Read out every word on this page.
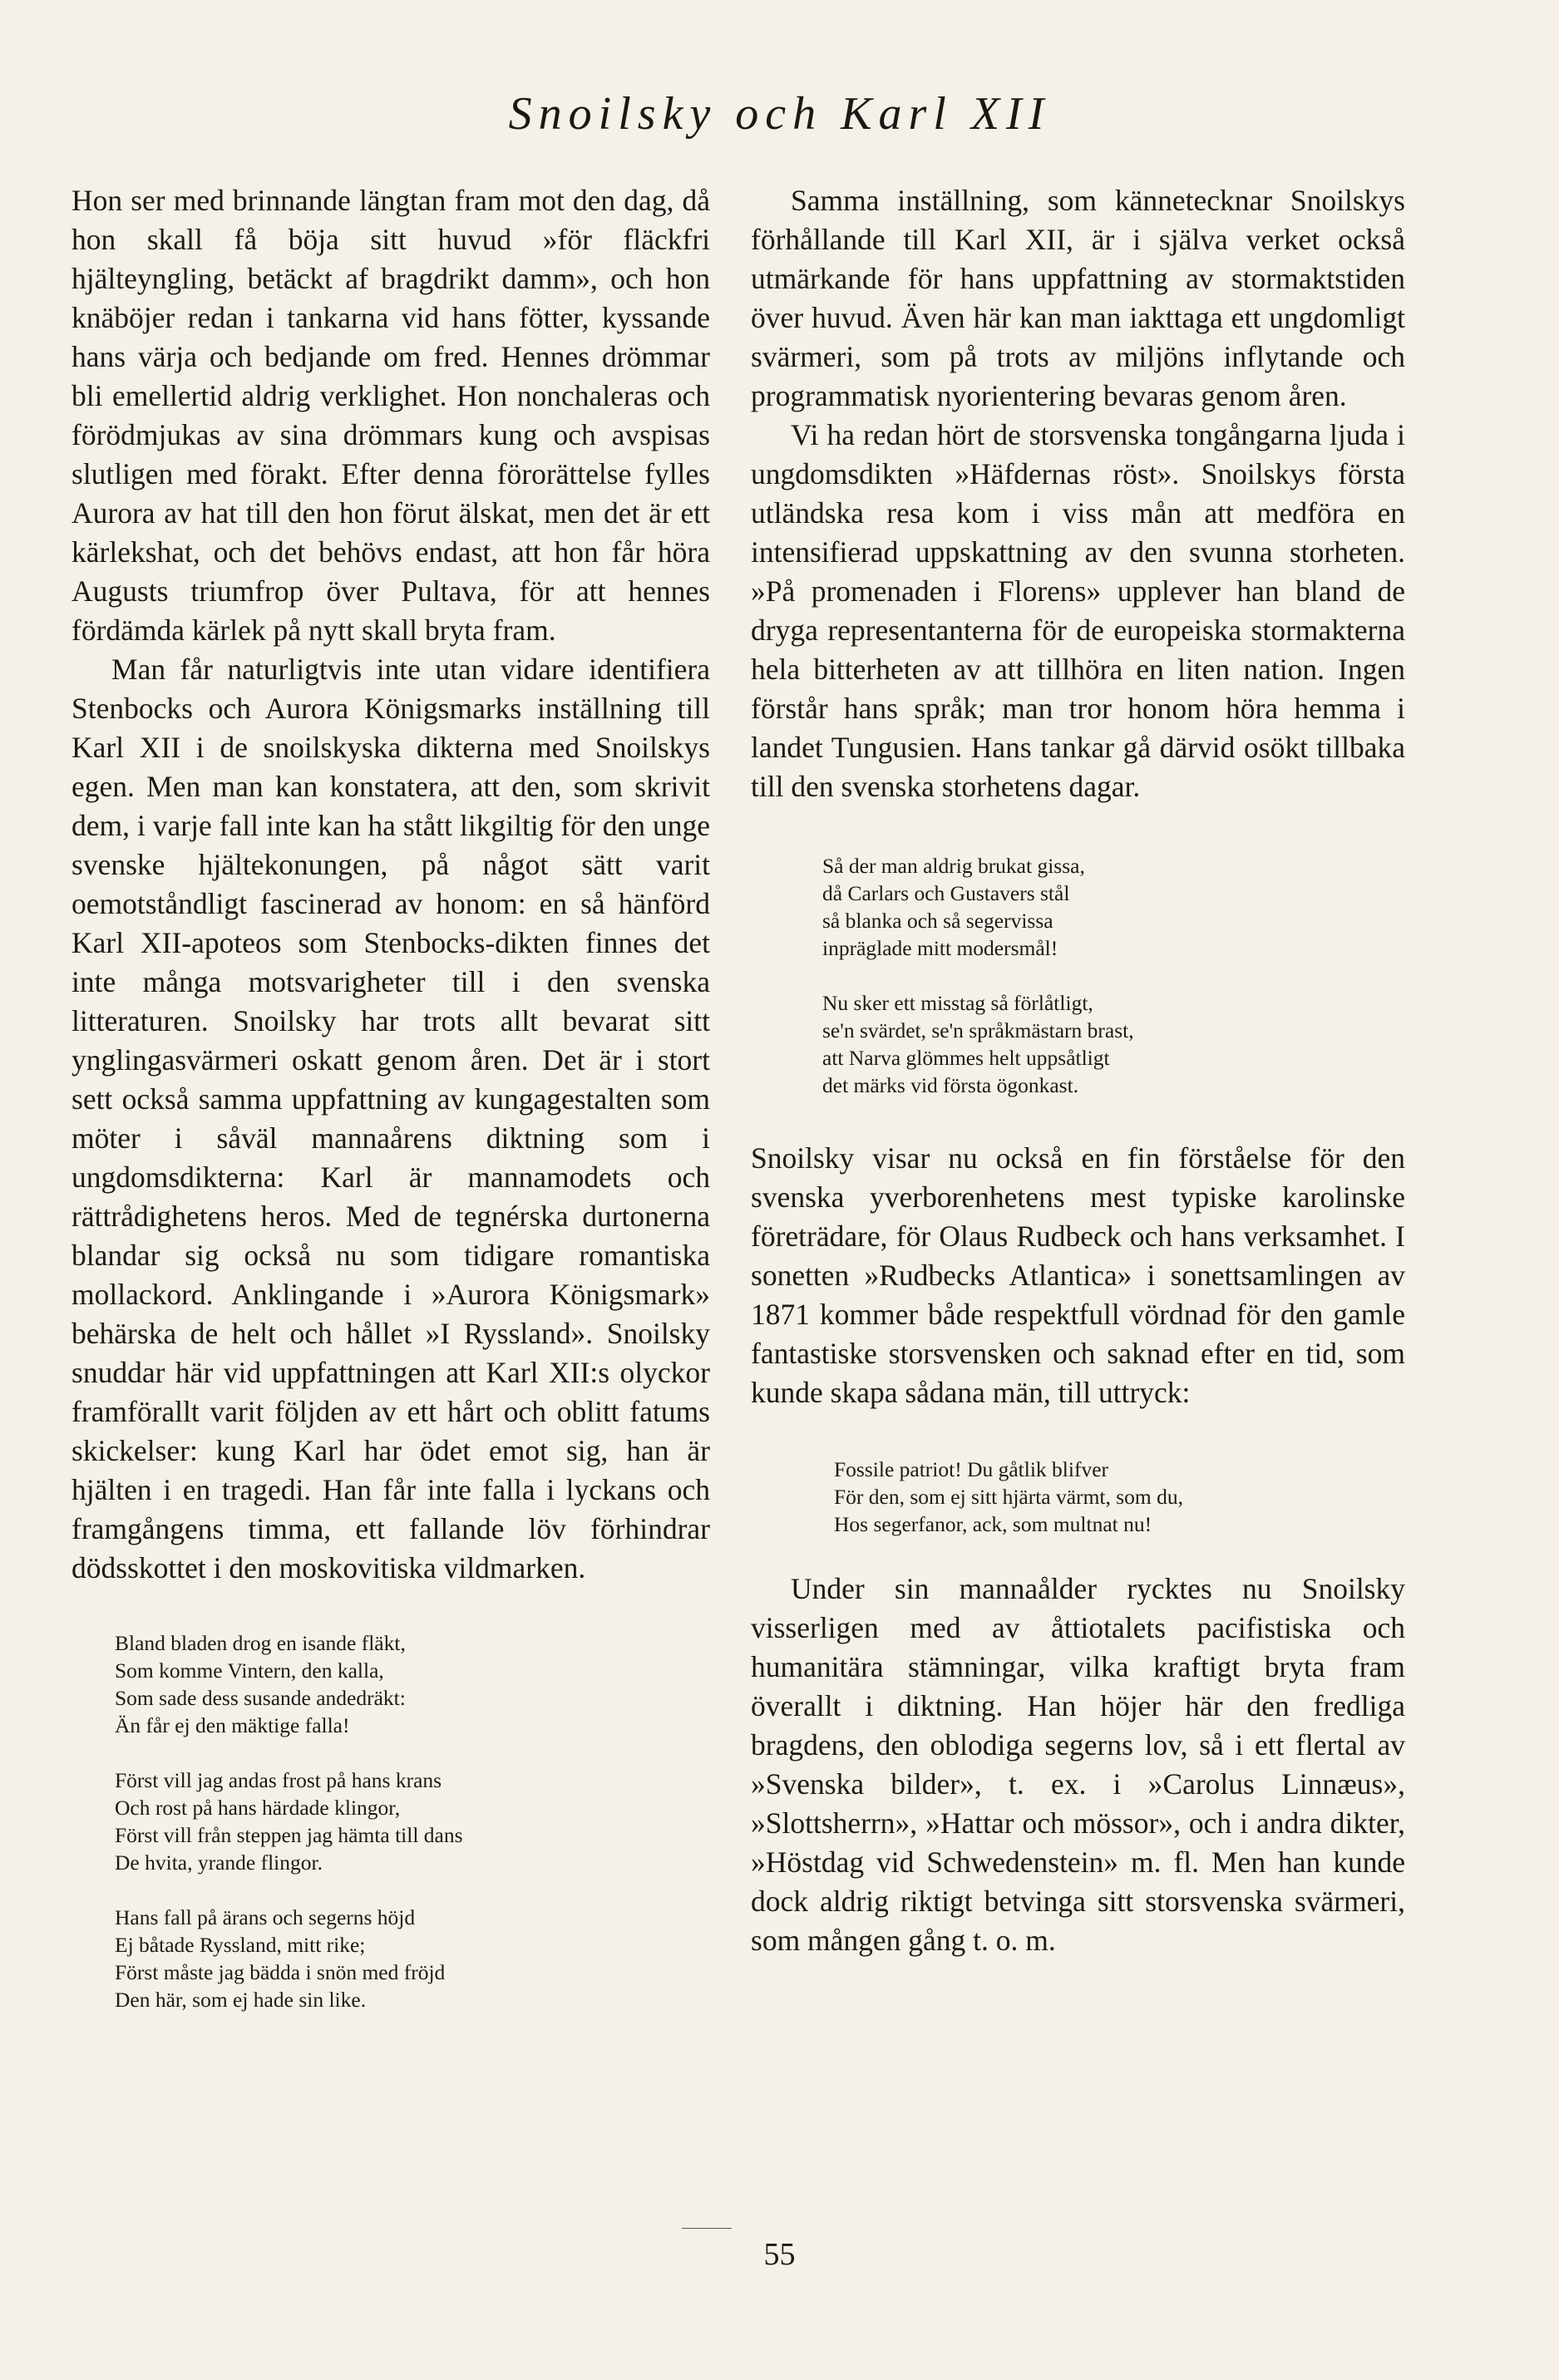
Snoilsky och Karl XII

Hon ser med brinnande längtan fram mot den dag, då hon skall få böja sitt huvud »för fläckfri hjälteyngling, betäckt af bragdrikt damm», och hon knäböjer redan i tankarna vid hans fötter, kyssande hans värja och bedjande om fred. Hennes drömmar bli emellertid aldrig verklighet. Hon nonchaleras och förödmjukas av sina drömmars kung och avspisas slutligen med förakt. Efter denna förorättelse fylles Aurora av hat till den hon förut älskat, men det är ett kärlekshat, och det behövs endast, att hon får höra Augusts triumfrop över Pultava, för att hennes fördämda kärlek på nytt skall bryta fram.

Man får naturligtvis inte utan vidare identifiera Stenbocks och Aurora Königsmarks inställning till Karl XII i de snoilskyska dikterna med Snoilskys egen. Men man kan konstatera, att den, som skrivit dem, i varje fall inte kan ha stått likgiltig för den unge svenske hjältekonungen, på något sätt varit oemotståndligt fascinerad av honom: en så hänförd Karl XII-apoteos som Stenbocks-dikten finnes det inte många motsvarigheter till i den svenska litteraturen. Snoilsky har trots allt bevarat sitt ynglingasvärmeri oskatt genom åren. Det är i stort sett också samma uppfattning av kungagestalten som möter i såväl mannaårens diktning som i ungdomsdikterna: Karl är mannamodets och rättrådighetens heros. Med de tegnérska durtonerna blandar sig också nu som tidigare romantiska mollackord. Anklingande i »Aurora Königsmark» behärska de helt och hållet »I Ryssland». Snoilsky snuddar här vid uppfattningen att Karl XII:s olyckor framförallt varit följden av ett hårt och oblitt fatums skickelser: kung Karl har ödet emot sig, han är hjälten i en tragedi. Han får inte falla i lyckans och framgångens timma, ett fallande löv förhindrar dödsskottet i den moskovitiska vildmarken.

Bland bladen drog en isande fläkt,
Som komme Vintern, den kalla,
Som sade dess susande andedräkt:
Än får ej den mäktige falla!
Först vill jag andas frost på hans krans
Och rost på hans härdade klingor,
Först vill från steppen jag hämta till dans
De hvita, yrande flingor.
Hans fall på ärans och segerns höjd
Ej båtade Ryssland, mitt rike;
Först måste jag bädda i snön med fröjd
Den här, som ej hade sin like.

Samma inställning, som kännetecknar Snoilskys förhållande till Karl XII, är i själva verket också utmärkande för hans uppfattning av stormaktstiden över huvud. Även här kan man iakttaga ett ungdomligt svärmeri, som på trots av miljöns inflytande och programmatisk nyorientering bevaras genom åren.

Vi ha redan hört de storsvenska tongångarna ljuda i ungdomsdikten »Häfdernas röst». Snoilskys första utländska resa kom i viss mån att medföra en intensifierad uppskattning av den svunna storheten. »På promenaden i Florens» upplever han bland de dryga representanterna för de europeiska stormakterna hela bitterheten av att tillhöra en liten nation. Ingen förstår hans språk; man tror honom höra hemma i landet Tungusien. Hans tankar gå därvid osökt tillbaka till den svenska storhetens dagar.

Så der man aldrig brukat gissa,
då Carlars och Gustavers stål
så blanka och så segervissa
inpräglade mitt modersmål!
Nu sker ett misstag så förlåtligt,
se'n svärdet, se'n språkmästarn brast,
att Narva glömmes helt uppsåtligt
det märks vid första ögonkast.

Snoilsky visar nu också en fin förståelse för den svenska yverborenhetens mest typiske karolinske företrädare, för Olaus Rudbeck och hans verksamhet. I sonetten »Rudbecks Atlantica» i sonettsamlingen av 1871 kommer både respektfull vördnad för den gamle fantastiske storsvensken och saknad efter en tid, som kunde skapa sådana män, till uttryck:

Fossile patriot! Du gåtlik blifver
För den, som ej sitt hjärta värmt, som du,
Hos segerfanor, ack, som multnat nu!

Under sin mannaålder rycktes nu Snoilsky visserligen med av åttiotalets pacifistiska och humanitära stämningar, vilka kraftigt bryta fram överallt i diktning. Han höjer här den fredliga bragdens, den oblodiga segerns lov, så i ett flertal av »Svenska bilder», t. ex. i »Carolus Linnæus», »Slottsherrn», »Hattar och mössor», och i andra dikter, »Höstdag vid Schwedenstein» m. fl. Men han kunde dock aldrig riktigt betvinga sitt storsvenska svärmeri, som mången gång t. o. m.

55
